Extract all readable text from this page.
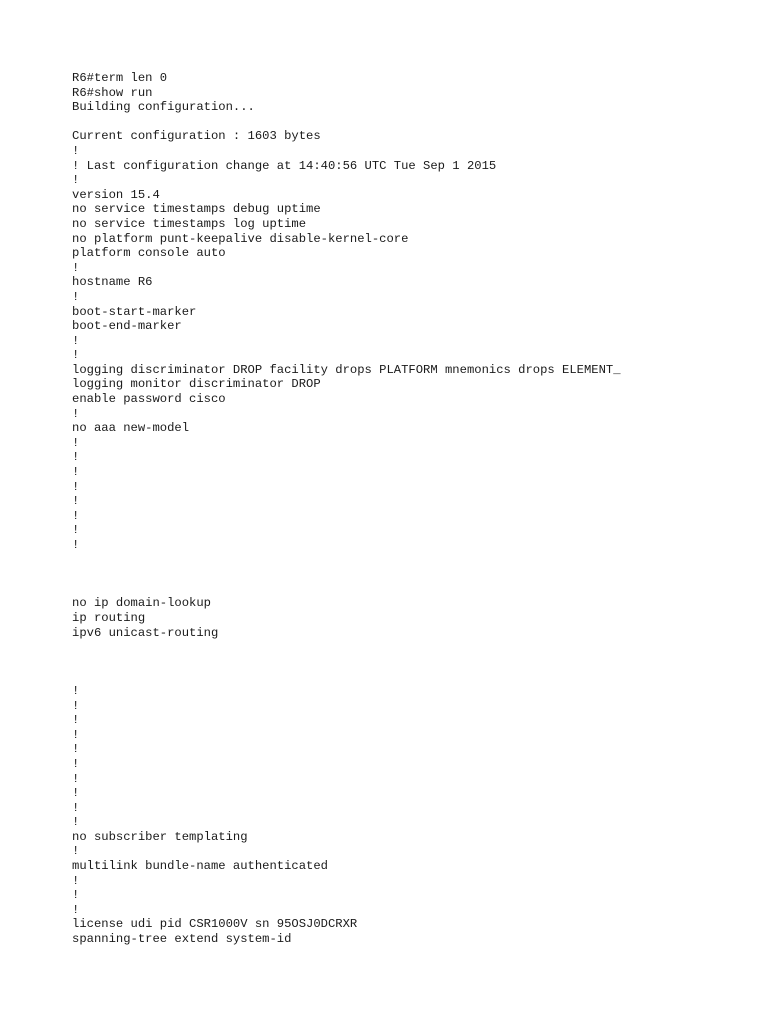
R6#term len 0
R6#show run
Building configuration...
Current configuration : 1603 bytes
!
! Last configuration change at 14:40:56 UTC Tue Sep 1 2015
!
version 15.4
no service timestamps debug uptime
no service timestamps log uptime
no platform punt-keepalive disable-kernel-core
platform console auto
!
hostname R6
!
boot-start-marker
boot-end-marker
!
!
logging discriminator DROP facility drops PLATFORM mnemonics drops ELEMENT_
logging monitor discriminator DROP
enable password cisco
!
no aaa new-model
!
!
!
!
!
!
!
!
no ip domain-lookup
ip routing
ipv6 unicast-routing
!
!
!
!
!
!
!
!
!
!
no subscriber templating
!
multilink bundle-name authenticated
!
!
!
license udi pid CSR1000V sn 95OSJ0DCRXR
spanning-tree extend system-id
